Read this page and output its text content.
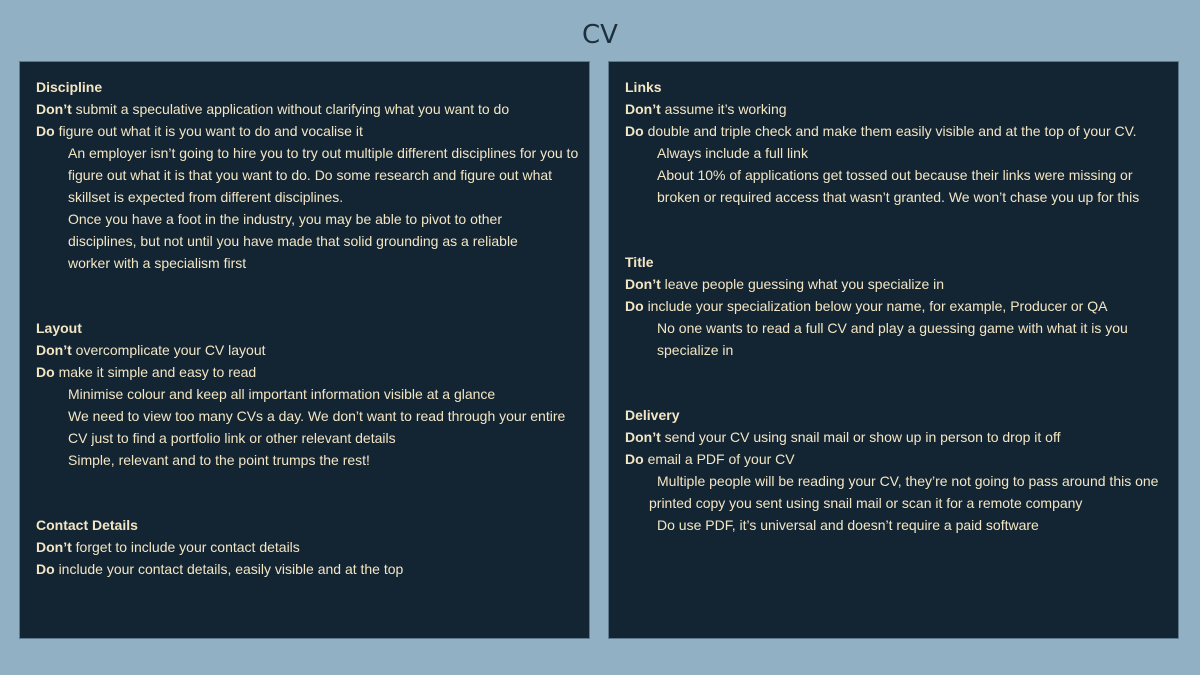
CV
Discipline
Don’t submit a speculative application without clarifying what you want to do
Do figure out what it is you want to do and vocalise it
An employer isn’t going to hire you to try out multiple different disciplines for you to figure out what it is that you want to do. Do some research and figure out what skillset is expected from different disciplines.
Once you have a foot in the industry, you may be able to pivot to other disciplines, but not until you have made that solid grounding as a reliable worker with a specialism first
Layout
Don’t overcomplicate your CV layout
Do make it simple and easy to read
Minimise colour and keep all important information visible at a glance
We need to view too many CVs a day. We don’t want to read through your entire CV just to find a portfolio link or other relevant details
Simple, relevant and to the point trumps the rest!
Contact Details
Don’t forget to include your contact details
Do include your contact details, easily visible and at the top
Links
Don’t assume it’s working
Do double and triple check and make them easily visible and at the top of your CV.
Always include a full link
About 10% of applications get tossed out because their links were missing or broken or required access that wasn’t granted. We won’t chase you up for this
Title
Don’t leave people guessing what you specialize in
Do include your specialization below your name, for example, Producer or QA
No one wants to read a full CV and play a guessing game with what it is you specialize in
Delivery
Don’t send your CV using snail mail or show up in person to drop it off
Do email a PDF of your CV
Multiple people will be reading your CV, they’re not going to pass around this one printed copy you sent using snail mail or scan it for a remote company
Do use PDF, it’s universal and doesn’t require a paid software
